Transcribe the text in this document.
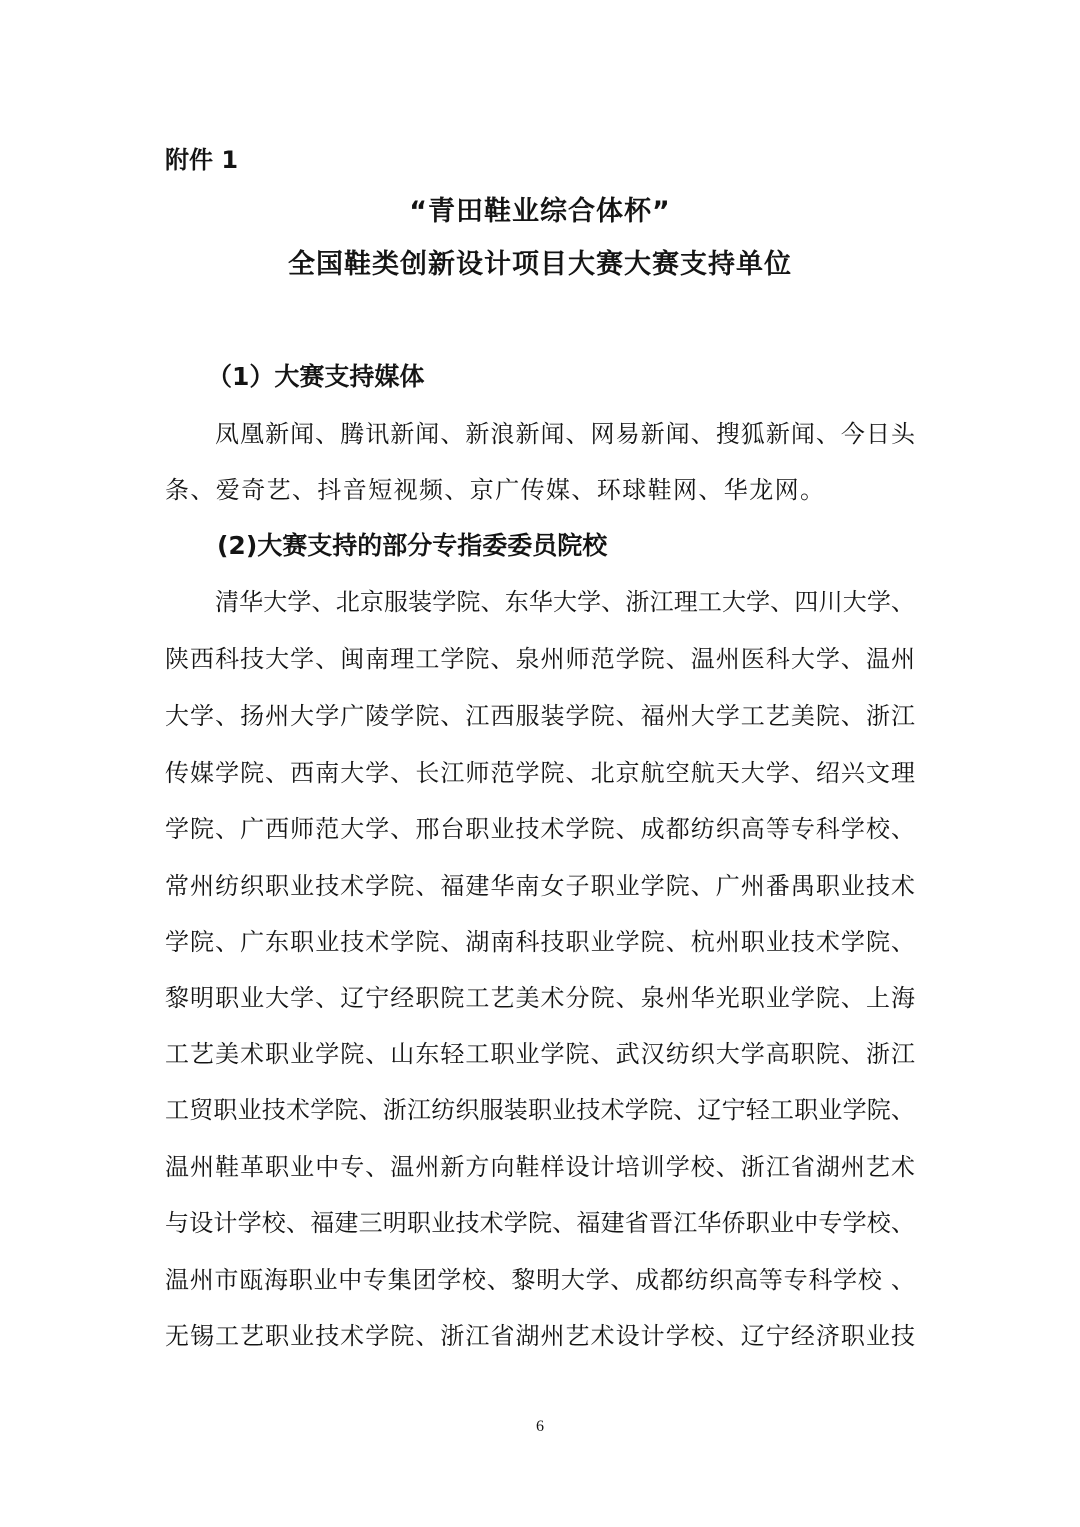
附件 1
“青田鞋业综合体杯”
全国鞋类创新设计项目大赛大赛支持单位
（1）大赛支持媒体
凤凰新闻、腾讯新闻、新浪新闻、网易新闻、搜狐新闻、今日头
条、爱奇艺、抖音短视频、京广传媒、环球鞋网、华龙网。
(2)大赛支持的部分专指委委员院校
清华大学、北京服装学院、东华大学、浙江理工大学、四川大学、
陕西科技大学、闽南理工学院、泉州师范学院、温州医科大学、温州
大学、扬州大学广陵学院、江西服装学院、福州大学工艺美院、浙江
传媒学院、西南大学、长江师范学院、北京航空航天大学、绍兴文理
学院、广西师范大学、邢台职业技术学院、成都纺织高等专科学校、
常州纺织职业技术学院、福建华南女子职业学院、广州番禺职业技术
学院、广东职业技术学院、湖南科技职业学院、杭州职业技术学院、
黎明职业大学、辽宁经职院工艺美术分院、泉州华光职业学院、上海
工艺美术职业学院、山东轻工职业学院、武汉纺织大学高职院、浙江
工贸职业技术学院、浙江纺织服装职业技术学院、辽宁轻工职业学院、
温州鞋革职业中专、温州新方向鞋样设计培训学校、浙江省湖州艺术
与设计学校、福建三明职业技术学院、福建省晋江华侨职业中专学校、
温州市瓯海职业中专集团学校、黎明大学、成都纺织高等专科学校 、
无锡工艺职业技术学院、浙江省湖州艺术设计学校、辽宁经济职业技
6
